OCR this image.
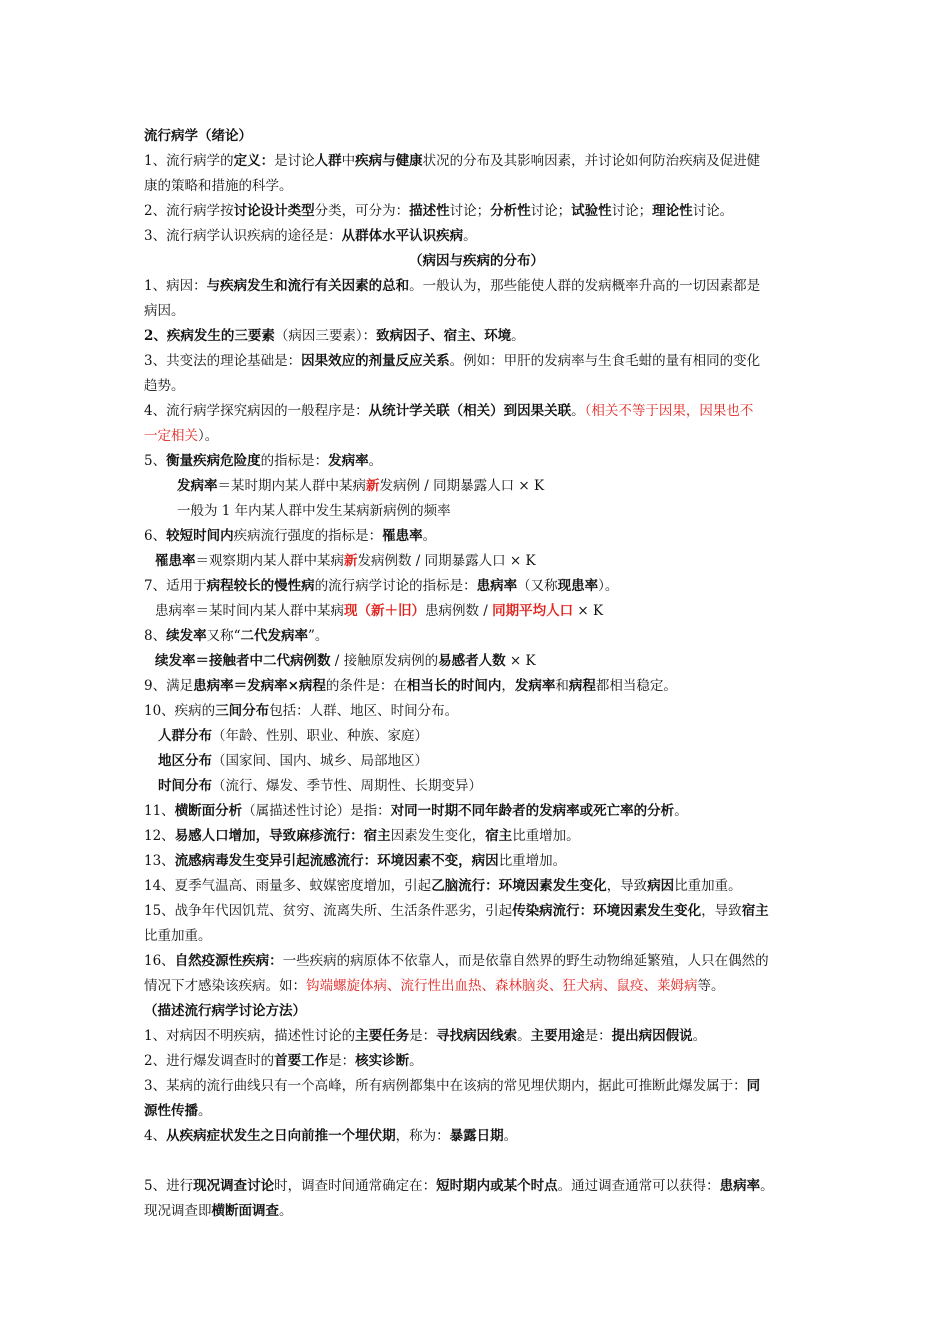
流行病学（绪论）
1、流行病学的定义：是讨论人群中疾病与健康状况的分布及其影响因素，并讨论如何防治疾病及促进健
康的策略和措施的科学。
2、流行病学按讨论设计类型分类，可分为：描述性讨论；分析性讨论；试验性讨论；理论性讨论。
3、流行病学认识疾病的途径是：从群体水平认识疾病。
（病因与疾病的分布）
1、病因：与疾病发生和流行有关因素的总和。一般认为，那些能使人群的发病概率升高的一切因素都是
病因。
2、疾病发生的三要素（病因三要素）：致病因子、宿主、环境。
3、共变法的理论基础是：因果效应的剂量反应关系。例如：甲肝的发病率与生食毛蚶的量有相同的变化
趋势。
4、流行病学探究病因的一般程序是：从统计学关联（相关）到因果关联。（相关不等于因果，因果也不
一定相关）。
5、衡量疾病危险度的指标是：发病率。
发病率＝某时期内某人群中某病新发病例 / 同期暴露人口 × K
一般为 1 年内某人群中发生某病新病例的频率
6、较短时间内疾病流行强度的指标是：罹患率。
罹患率＝观察期内某人群中某病新发病例数 / 同期暴露人口 × K
7、适用于病程较长的慢性病的流行病学讨论的指标是：患病率（又称现患率）。
患病率＝某时间内某人群中某病现（新＋旧）患病例数 / 同期平均人口 × K
8、续发率又称“二代发病率”。
续发率＝接触者中二代病例数 / 接触原发病例的易感者人数 × K
9、满足患病率＝发病率×病程的条件是：在相当长的时间内，发病率和病程都相当稳定。
10、疾病的三间分布包括：人群、地区、时间分布。
人群分布（年龄、性别、职业、种族、家庭）
地区分布（国家间、国内、城乡、局部地区）
时间分布（流行、爆发、季节性、周期性、长期变异）
11、横断面分析（属描述性讨论）是指：对同一时期不同年龄者的发病率或死亡率的分析。
12、易感人口增加，导致麻疹流行：宿主因素发生变化，宿主比重增加。
13、流感病毒发生变异引起流感流行：环境因素不变，病因比重增加。
14、夏季气温高、雨量多、蚊媒密度增加，引起乙脑流行：环境因素发生变化，导致病因比重加重。
15、战争年代因饥荒、贫穷、流离失所、生活条件恶劣，引起传染病流行：环境因素发生变化，导致宿主
比重加重。
16、自然疫源性疾病：一些疾病的病原体不依靠人，而是依靠自然界的野生动物绵延繁殖，人只在偶然的
情况下才感染该疾病。如：钩端螺旋体病、流行性出血热、森林脑炎、狂犬病、鼠疫、莱姆病等。
（描述流行病学讨论方法）
1、对病因不明疾病，描述性讨论的主要任务是：寻找病因线索。主要用途是：提出病因假说。
2、进行爆发调查时的首要工作是：核实诊断。
3、某病的流行曲线只有一个高峰，所有病例都集中在该病的常见埋伏期内，据此可推断此爆发属于：同
源性传播。
4、从疾病症状发生之日向前推一个埋伏期，称为：暴露日期。
5、进行现况调查讨论时，调查时间通常确定在：短时期内或某个时点。通过调查通常可以获得：患病率。
现况调查即横断面调查。
